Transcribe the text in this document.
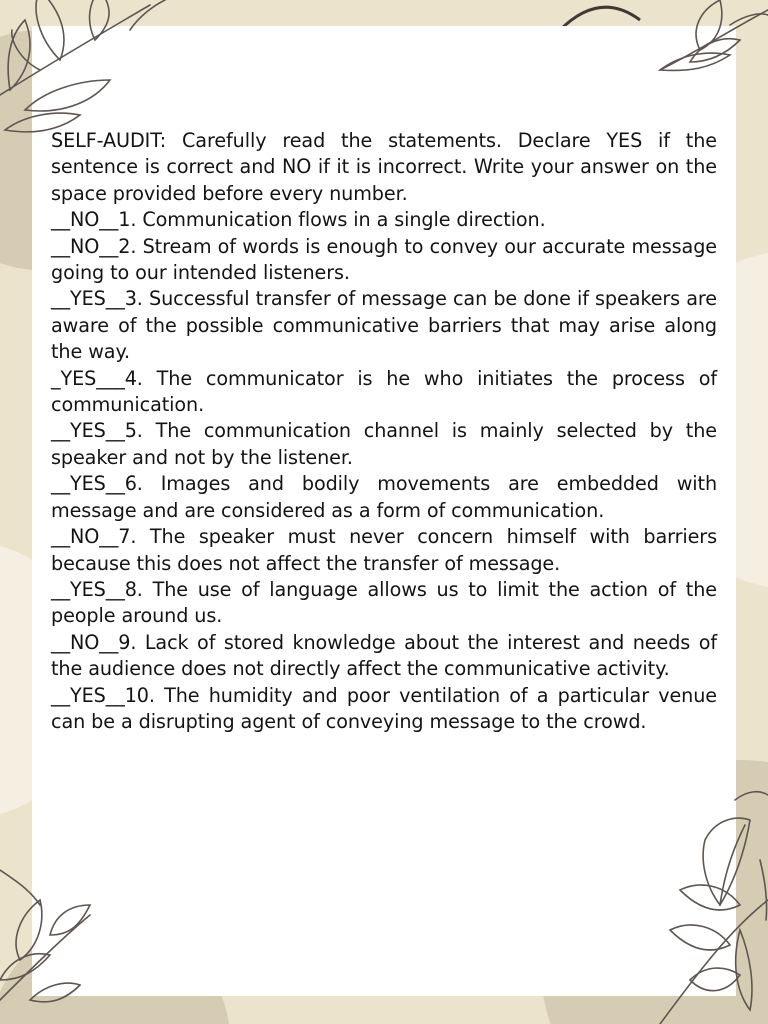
SELF-AUDIT: Carefully read the statements. Declare YES if the sentence is correct and NO if it is incorrect. Write your answer on the space provided before every number.

__NO__1. Communication flows in a single direction.

__NO__2. Stream of words is enough to convey our accurate message going to our intended listeners.

__YES__3. Successful transfer of message can be done if speakers are aware of the possible communicative barriers that may arise along the way.

_YES___4. The communicator is he who initiates the process of communication.

__YES__5. The communication channel is mainly selected by the speaker and not by the listener.

__YES__6. Images and bodily movements are embedded with message and are considered as a form of communication.

__NO__7. The speaker must never concern himself with barriers because this does not affect the transfer of message.

__YES__8. The use of language allows us to limit the action of the people around us.

__NO__9. Lack of stored knowledge about the interest and needs of the audience does not directly affect the communicative activity.

__YES__10. The humidity and poor ventilation of a particular venue can be a disrupting agent of conveying message to the crowd.
